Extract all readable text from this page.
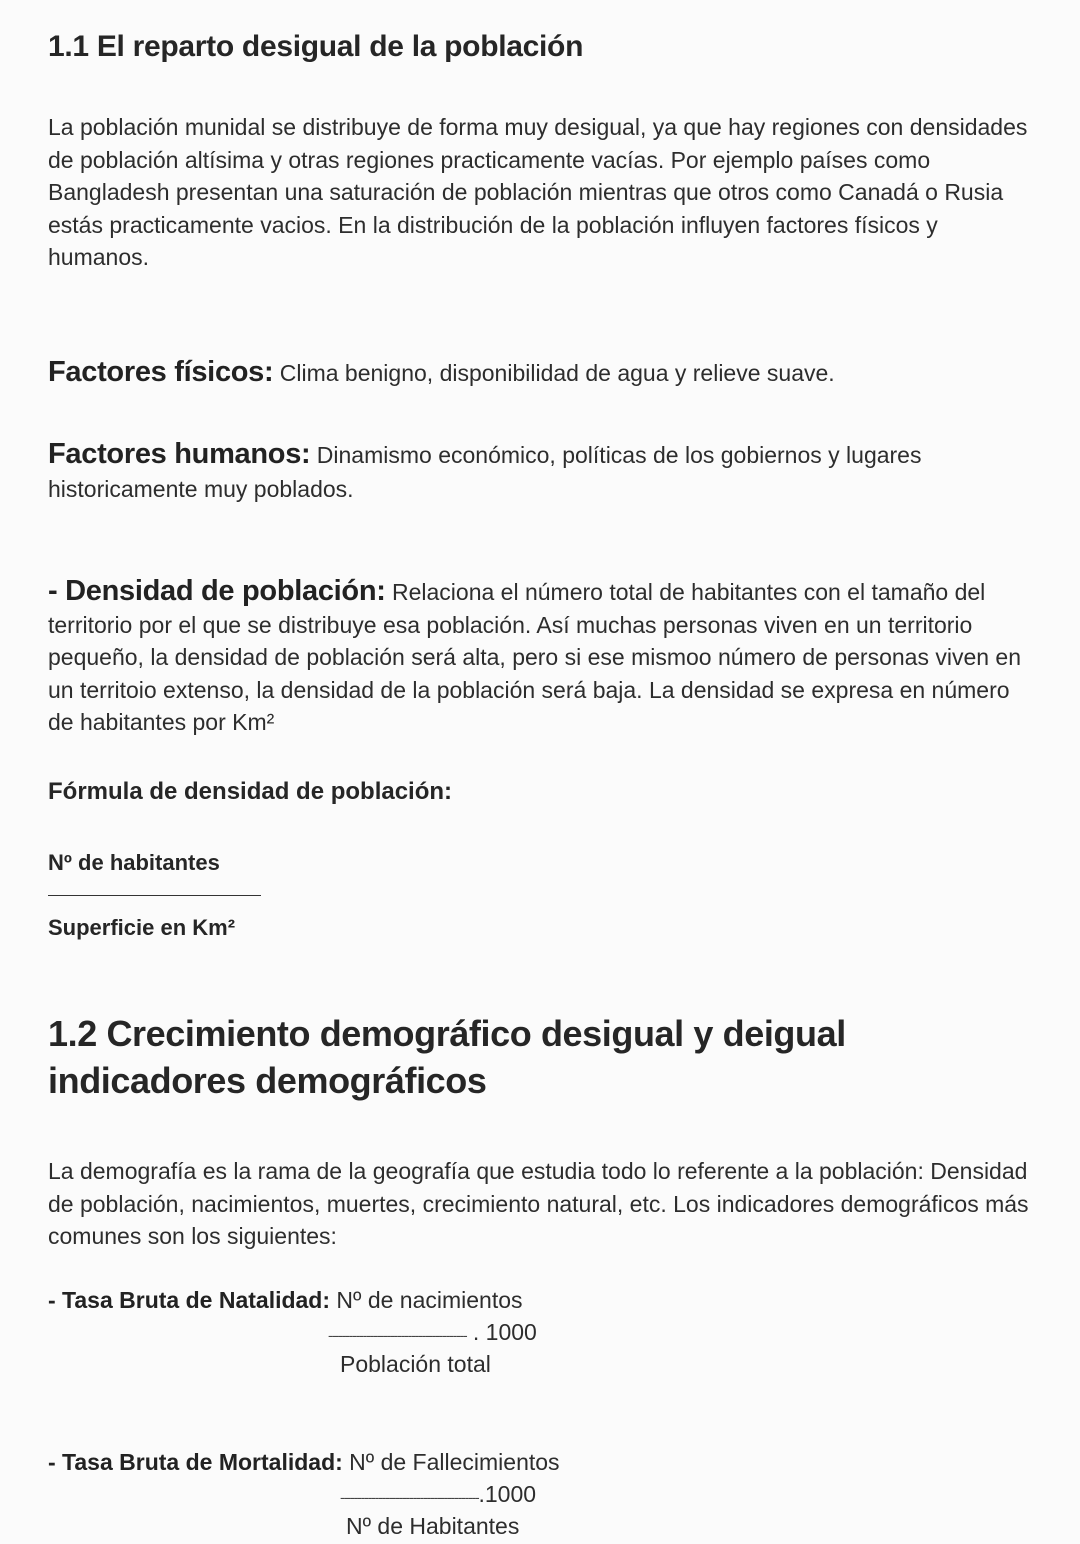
1.1 El reparto desigual de la población
La población munidal se distribuye de forma muy desigual, ya que hay regiones con densidades de población altísima y otras regiones practicamente vacías. Por ejemplo países como Bangladesh presentan una saturación de población mientras que otros como Canadá o Rusia estás practicamente vacios. En la distribución de la población influyen factores físicos y humanos.
Factores físicos: Clima benigno, disponibilidad de agua y relieve suave.
Factores humanos: Dinamismo económico, políticas de los gobiernos y lugares historicamente muy poblados.
- Densidad de población: Relaciona el número total de habitantes con el tamaño del territorio por el que se distribuye esa población. Así muchas personas viven en un territorio pequeño, la densidad de población será alta, pero si ese mismoo número de personas viven en un territoio extenso, la densidad de la población será baja. La densidad se expresa en número de habitantes por Km²
Fórmula de densidad de población:
Nº de habitantes
Superficie en Km²
1.2 Crecimiento demográfico desigual y deigual indicadores demográficos
La demografía es la rama de la geografía que estudia todo lo referente a la población: Densidad de población, nacimientos, muertes, crecimiento natural, etc. Los indicadores demográficos más comunes son los siguientes:
- Tasa Bruta de Natalidad: Nº de nacimientos
---------------------------------------- . 1000
Población total
- Tasa Bruta de Mortalidad: Nº de Fallecimientos
----------------------------------------.1000
Nº de Habitantes
